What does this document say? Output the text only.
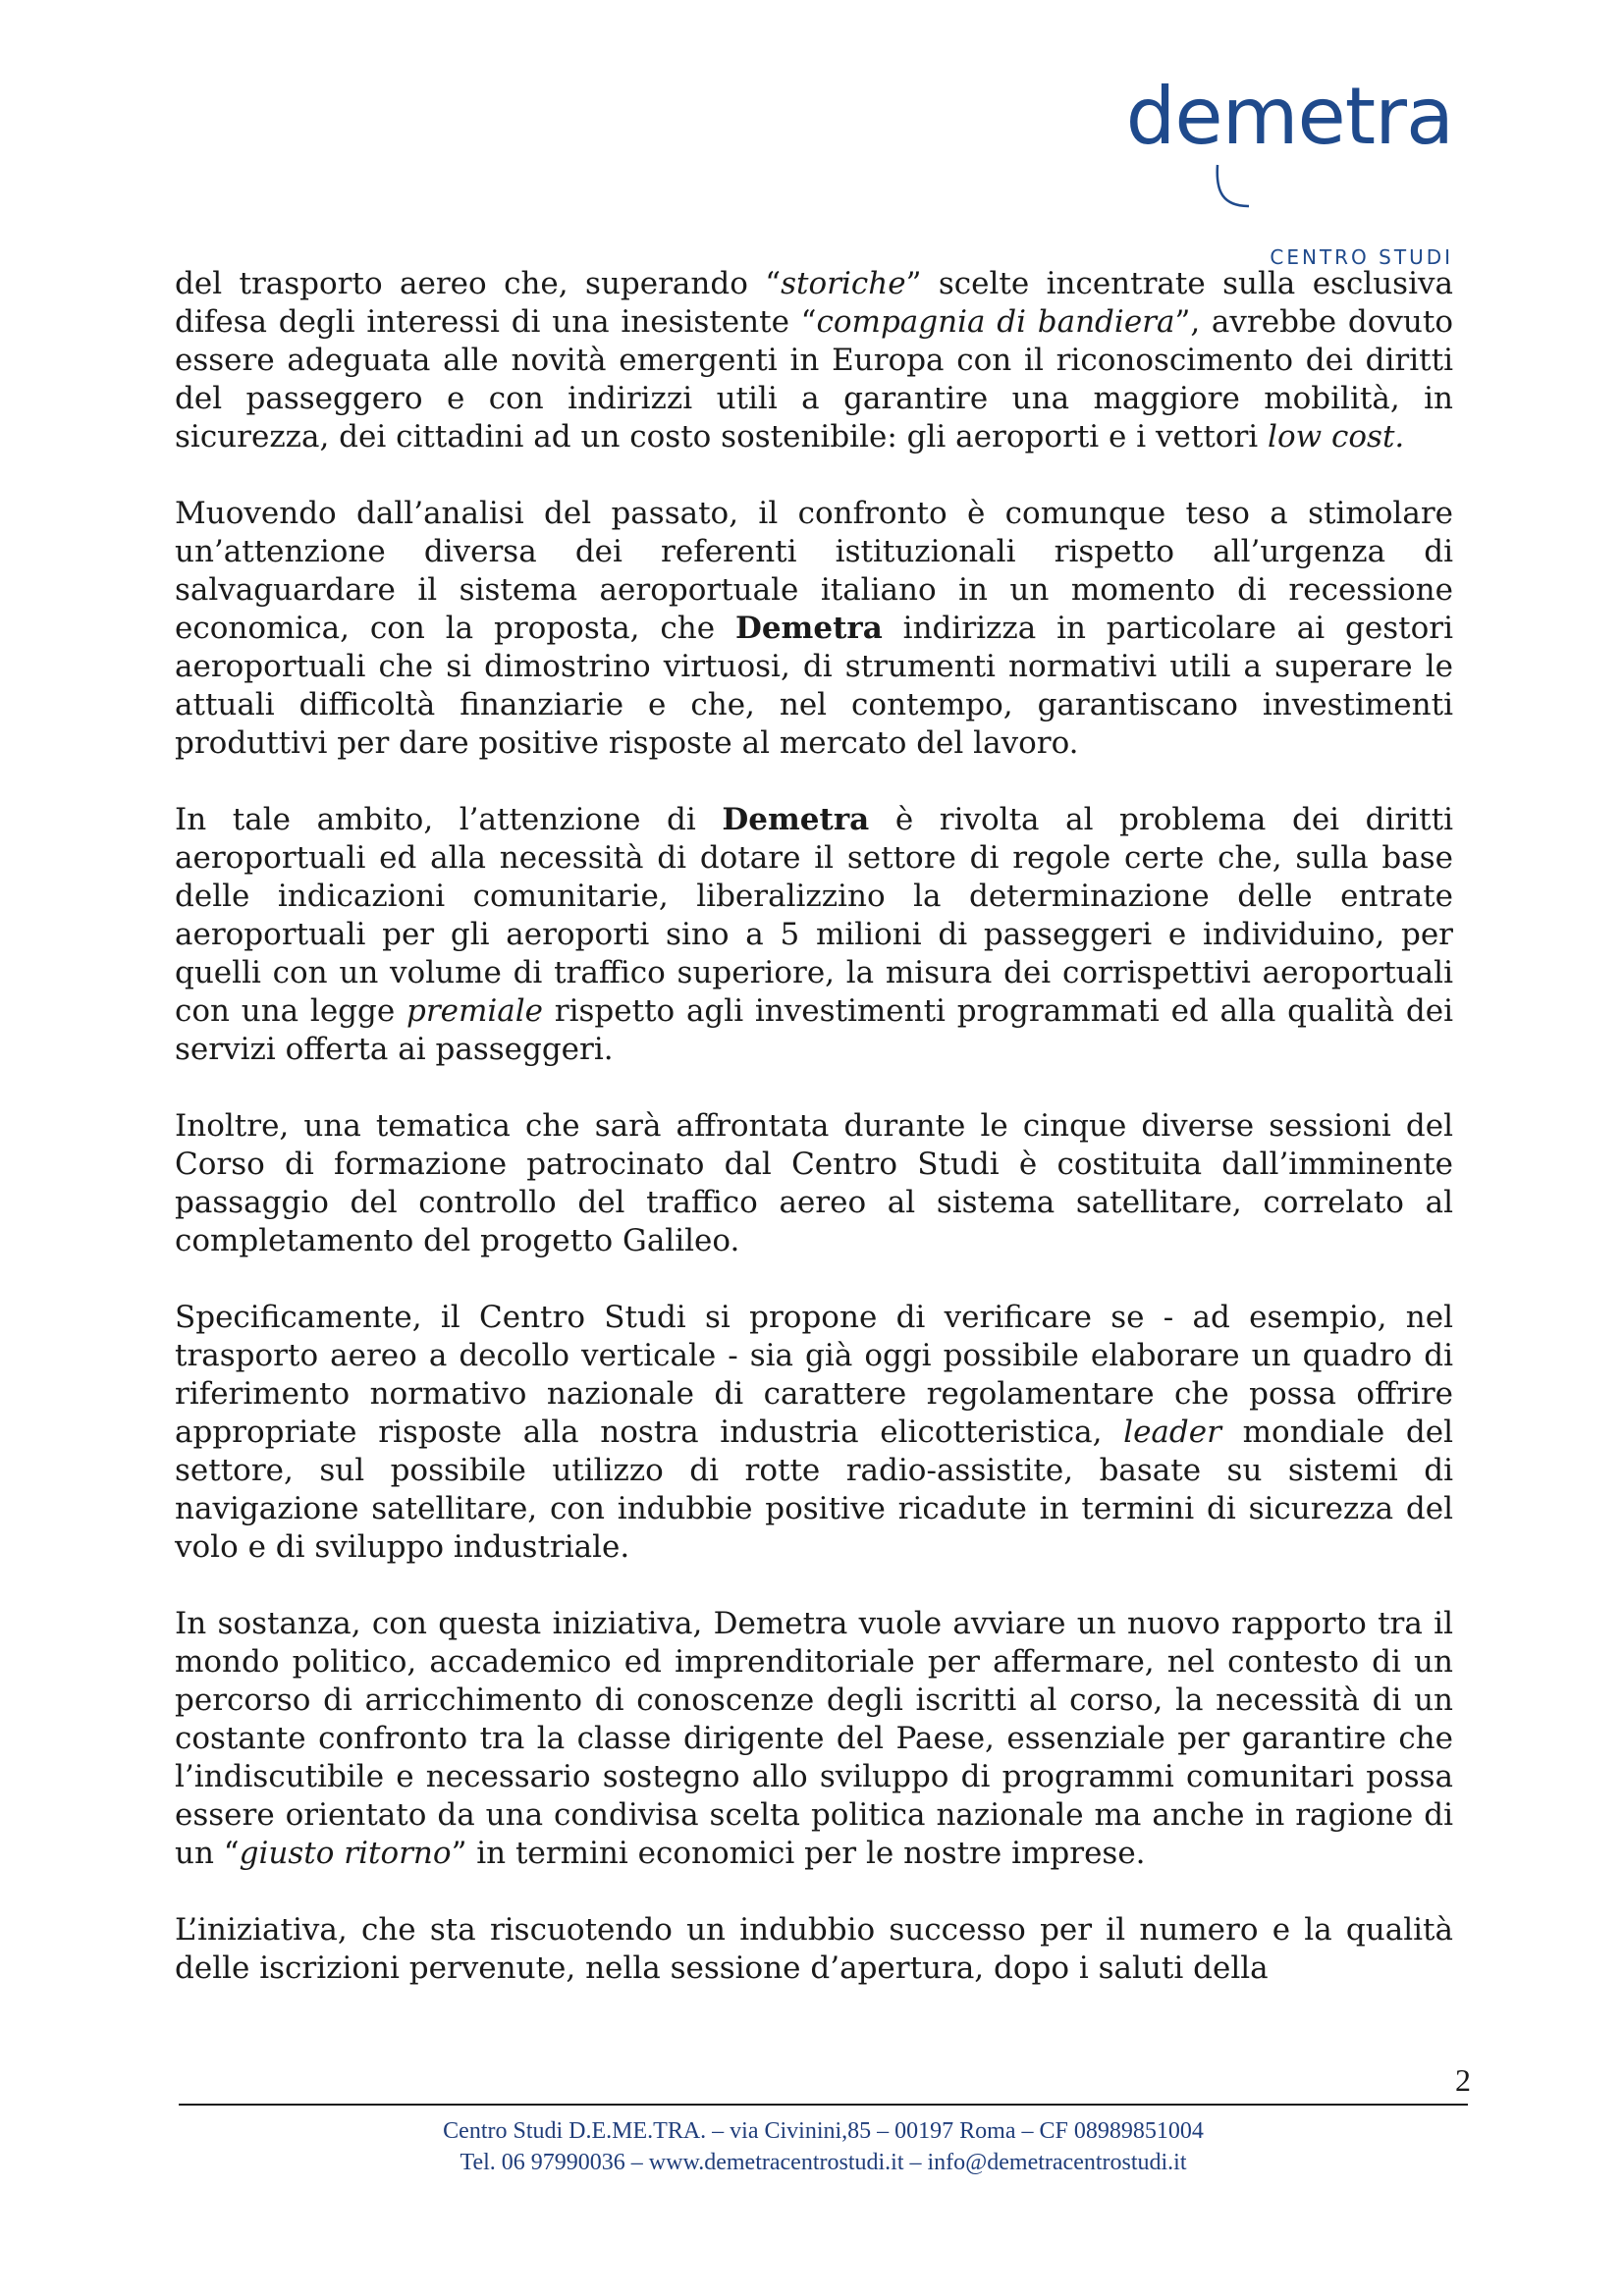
demetra
CENTRO STUDI

del trasporto aereo che, superando “storiche” scelte incentrate sulla esclusiva difesa degli interessi di una inesistente “compagnia di bandiera”, avrebbe dovuto essere adeguata alle novità emergenti in Europa con il riconoscimento dei diritti del passeggero e con indirizzi utili a garantire una maggiore mobilità, in sicurezza, dei cittadini ad un costo sostenibile: gli aeroporti e i vettori low cost.

Muovendo dall’analisi del passato, il confronto è comunque teso a stimolare un’attenzione diversa dei referenti istituzionali rispetto all’urgenza di salvaguardare il sistema aeroportuale italiano in un momento di recessione economica, con la proposta, che Demetra indirizza in particolare ai gestori aeroportuali che si dimostrino virtuosi, di strumenti normativi utili a superare le attuali difficoltà finanziarie e che, nel contempo, garantiscano investimenti produttivi per dare positive risposte al mercato del lavoro.

In tale ambito, l’attenzione di Demetra è rivolta al problema dei diritti aeroportuali ed alla necessità di dotare il settore di regole certe che, sulla base delle indicazioni comunitarie, liberalizzino la determinazione delle entrate aeroportuali per gli aeroporti sino a 5 milioni di passeggeri e individuino, per quelli con un volume di traffico superiore, la misura dei corrispettivi aeroportuali con una legge premiale rispetto agli investimenti programmati ed alla qualità dei servizi offerta ai passeggeri.

Inoltre, una tematica che sarà affrontata durante le cinque diverse sessioni del Corso di formazione patrocinato dal Centro Studi è costituita dall’imminente passaggio del controllo del traffico aereo al sistema satellitare, correlato al completamento del progetto Galileo.

Specificamente, il Centro Studi si propone di verificare se - ad esempio, nel trasporto aereo a decollo verticale - sia già oggi possibile elaborare un quadro di riferimento normativo nazionale di carattere regolamentare che possa offrire appropriate risposte alla nostra industria elicotteristica, leader mondiale del settore, sul possibile utilizzo di rotte radio-assistite, basate su sistemi di navigazione satellitare, con indubbie positive ricadute in termini di sicurezza del volo e di sviluppo industriale.

In sostanza, con questa iniziativa, Demetra vuole avviare un nuovo rapporto tra il mondo politico, accademico ed imprenditoriale per affermare, nel contesto di un percorso di arricchimento di conoscenze degli iscritti al corso, la necessità di un costante confronto tra la classe dirigente del Paese, essenziale per garantire che l’indiscutibile e necessario sostegno allo sviluppo di programmi comunitari possa essere orientato da una condivisa scelta politica nazionale ma anche in ragione di un “giusto ritorno” in termini economici per le nostre imprese.

L’iniziativa, che sta riscuotendo un indubbio successo per il numero e la qualità delle iscrizioni pervenute, nella sessione d’apertura, dopo i saluti della

2
Centro Studi D.E.ME.TRA. – via Civinini,85 – 00197 Roma – CF 08989851004
Tel. 06 97990036 – www.demetracentrostudi.it – info@demetracentrostudi.it
